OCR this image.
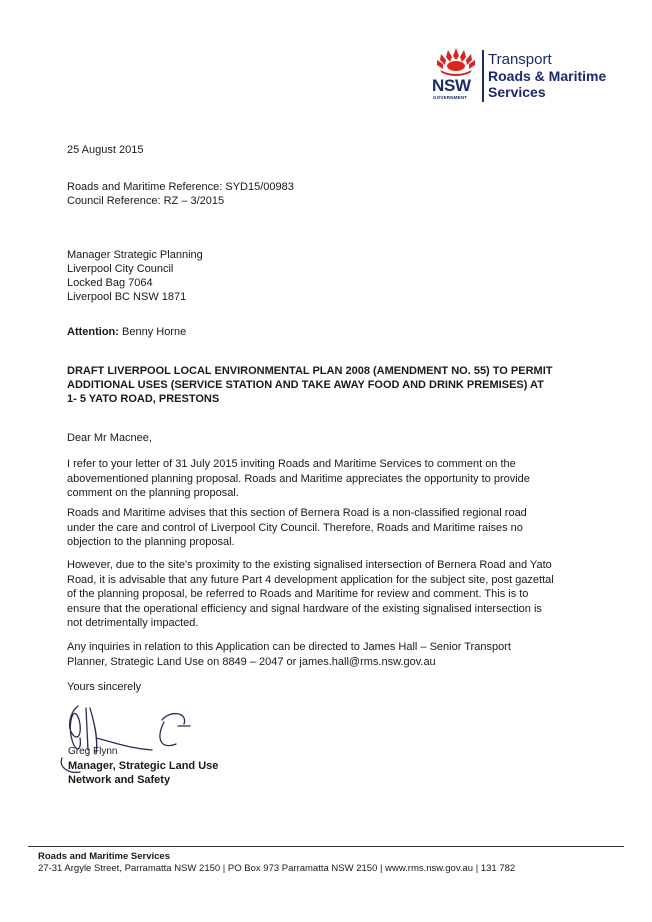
NSW
GOVERNMENT
Transport
Roads & Maritime
Services
25 August 2015
Roads and Maritime Reference: SYD15/00983
Council Reference: RZ – 3/2015
Manager Strategic Planning
Liverpool City Council
Locked Bag 7064
Liverpool BC NSW 1871
Attention: Benny Horne
DRAFT LIVERPOOL LOCAL ENVIRONMENTAL PLAN 2008 (AMENDMENT NO. 55) TO PERMIT
ADDITIONAL USES (SERVICE STATION AND TAKE AWAY FOOD AND DRINK PREMISES) AT
1- 5 YATO ROAD, PRESTONS
Dear Mr Macnee,
I refer to your letter of 31 July 2015 inviting Roads and Maritime Services to comment on the
abovementioned planning proposal. Roads and Maritime appreciates the opportunity to provide
comment on the planning proposal.
Roads and Maritime advises that this section of Bernera Road is a non-classified regional road
under the care and control of Liverpool City Council. Therefore, Roads and Maritime raises no
objection to the planning proposal.
However, due to the site's proximity to the existing signalised intersection of Bernera Road and Yato
Road, it is advisable that any future Part 4 development application for the subject site, post gazettal
of the planning proposal, be referred to Roads and Maritime for review and comment. This is to
ensure that the operational efficiency and signal hardware of the existing signalised intersection is
not detrimentally impacted.
Any inquiries in relation to this Application can be directed to James Hall – Senior Transport
Planner, Strategic Land Use on 8849 – 2047 or james.hall@rms.nsw.gov.au
Yours sincerely
Greg Flynn
Manager, Strategic Land Use
Network and Safety
Roads and Maritime Services
27-31 Argyle Street, Parramatta NSW 2150 | PO Box 973 Parramatta NSW 2150 | www.rms.nsw.gov.au | 131 782
